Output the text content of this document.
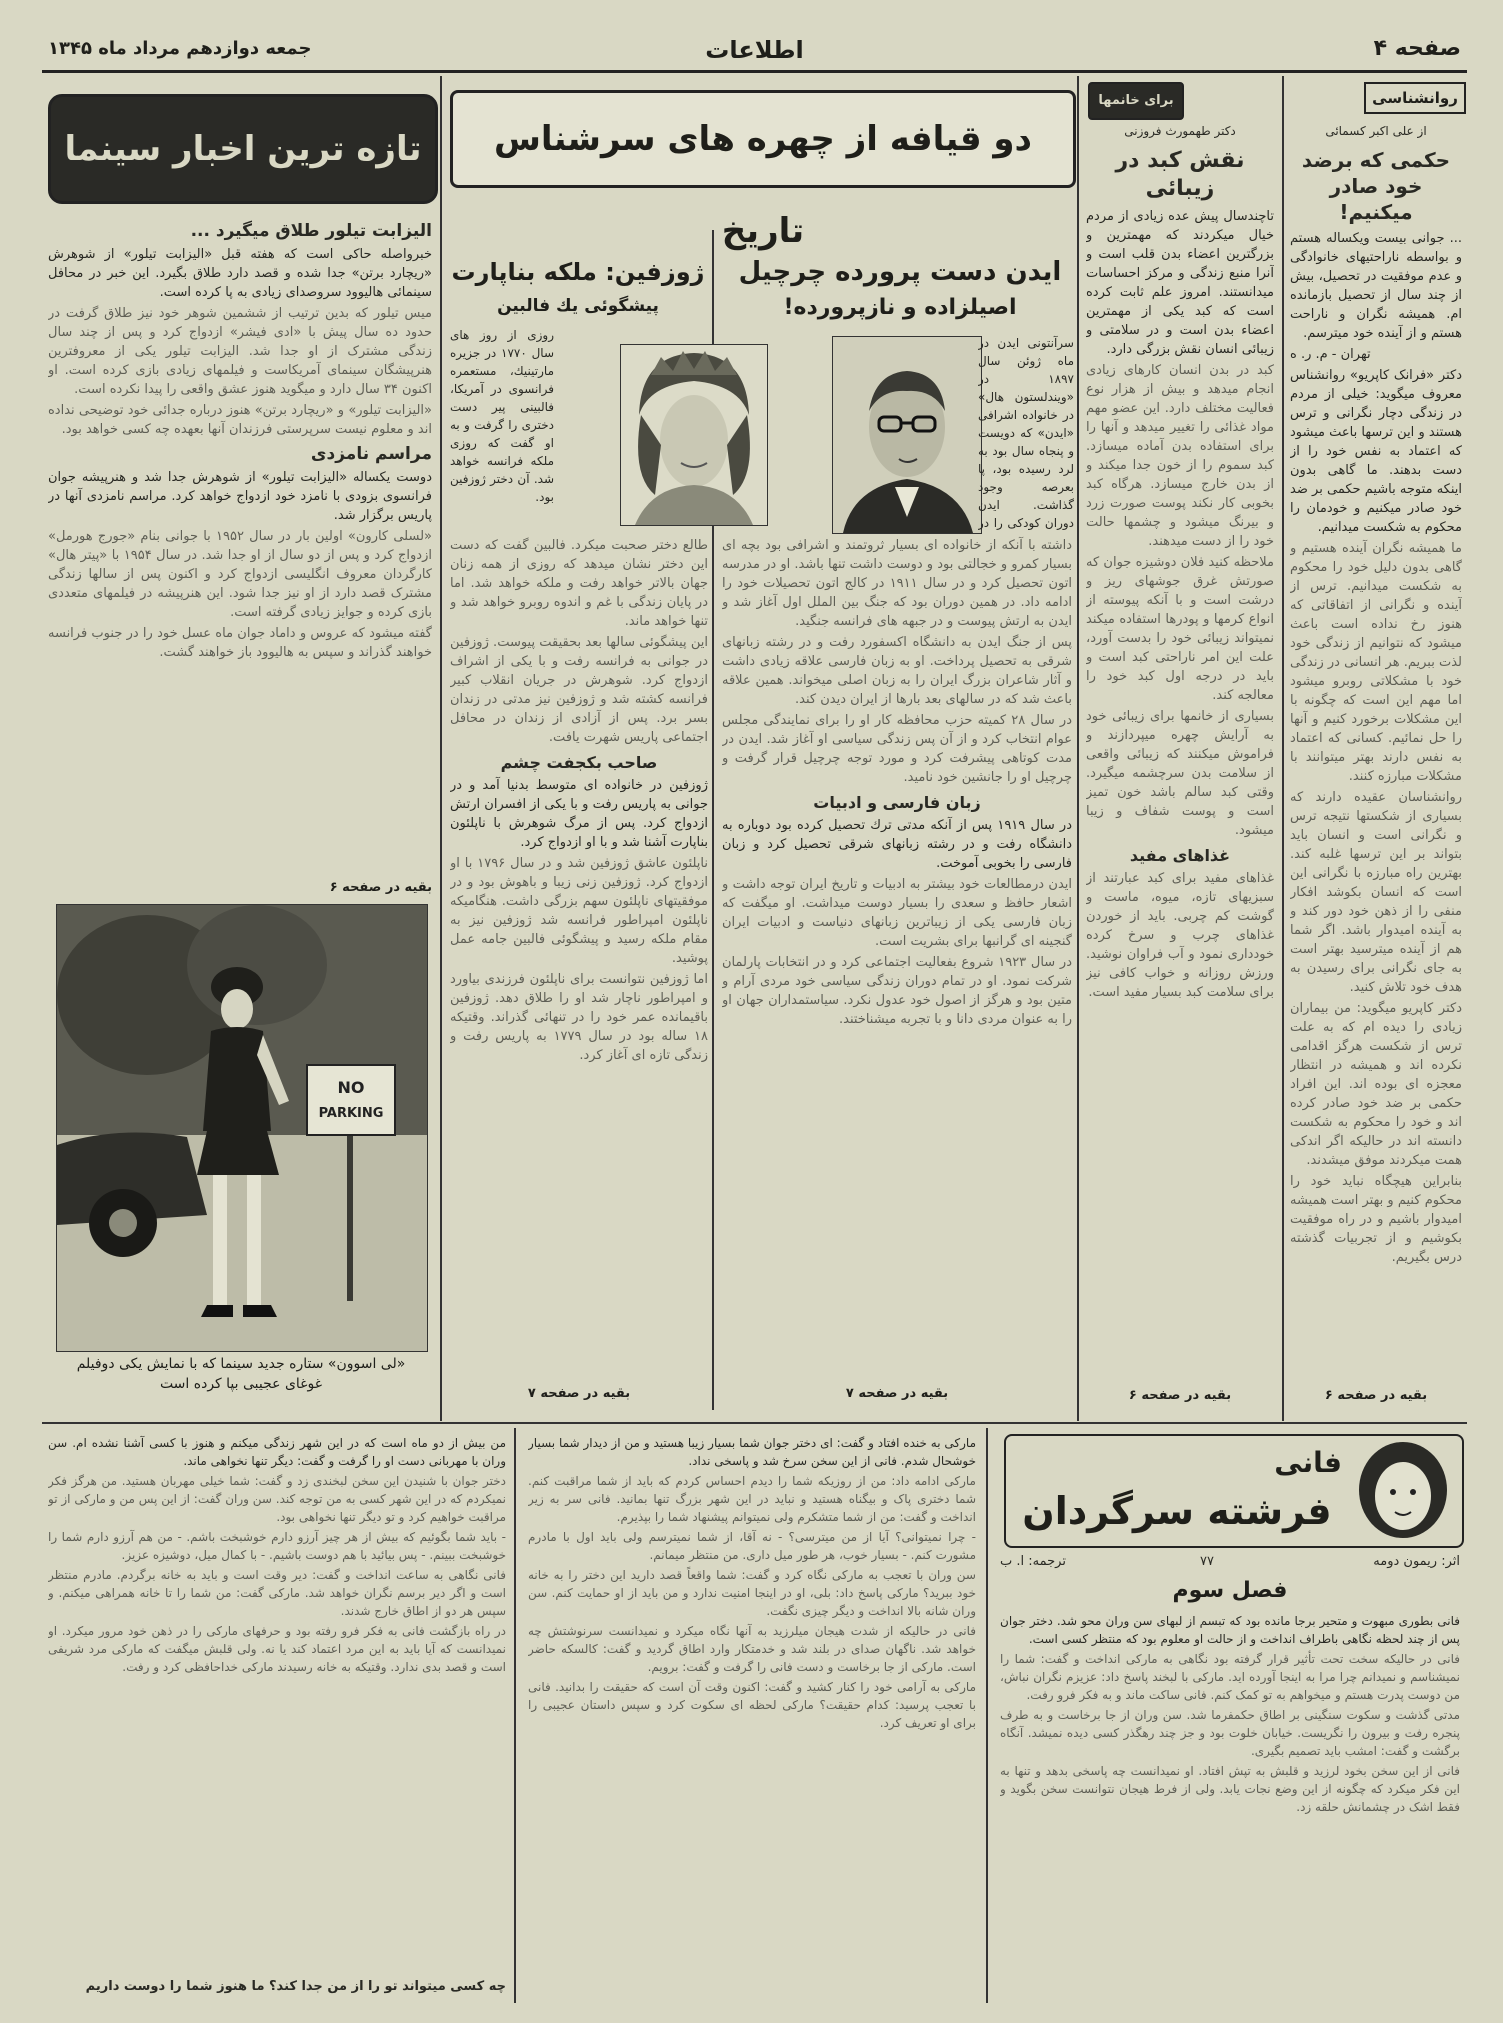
صفحه ۴
اطلاعات
جمعه دوازدهم مرداد ماه ۱۳۴۵
روانشناسی

از علی اکبر کسمائی

حکمی که برضد خود صادر میکنیم!

... جوانی بیست ویکساله هستم و بواسطه ناراحتیهای خانوادگی و عدم موفقیت در تحصیل، بیش از چند سال از تحصیل بازمانده ام. همیشه نگران و ناراحت هستم و از آینده خود میترسم.

تهران - م. ر. ه

دکتر «فرانک کاپریو» روانشناس معروف میگوید: خیلی از مردم در زندگی دچار نگرانی و ترس هستند و این ترسها باعث میشود که اعتماد به نفس خود را از دست بدهند. ما گاهی بدون اینکه متوجه باشیم حکمی بر ضد خود صادر میکنیم و خودمان را محکوم به شکست میدانیم.

ما همیشه نگران آینده هستیم و گاهی بدون دلیل خود را محکوم به شکست میدانیم. ترس از آینده و نگرانی از اتفاقاتی که هنوز رخ نداده است باعث میشود که نتوانیم از زندگی خود لذت ببریم. هر انسانی در زندگی خود با مشکلاتی روبرو میشود اما مهم این است که چگونه با این مشکلات برخورد کنیم و آنها را حل نمائیم. کسانی که اعتماد به نفس دارند بهتر میتوانند با مشکلات مبارزه کنند.

روانشناسان عقیده دارند که بسیاری از شکستها نتیجه ترس و نگرانی است و انسان باید بتواند بر این ترسها غلبه کند. بهترین راه مبارزه با نگرانی این است که انسان بکوشد افکار منفی را از ذهن خود دور کند و به آینده امیدوار باشد. اگر شما هم از آینده میترسید بهتر است به جای نگرانی برای رسیدن به هدف خود تلاش کنید.

دکتر کاپریو میگوید: من بیماران زیادی را دیده ام که به علت ترس از شکست هرگز اقدامی نکرده اند و همیشه در انتظار معجزه ای بوده اند. این افراد حکمی بر ضد خود صادر کرده اند و خود را محکوم به شکست دانسته اند در حالیکه اگر اندکی همت میکردند موفق میشدند.

بنابراین هیچگاه نباید خود را محکوم کنیم و بهتر است همیشه امیدوار باشیم و در راه موفقیت بکوشیم و از تجربیات گذشته درس بگیریم.

بقیه در صفحه ۶
برای خانمها

دکتر طهمورث فروزنی

نقش کبد در زیبائی

تاچندسال پیش عده زیادی از مردم خیال میکردند که مهمترین و بزرگترین اعضاء بدن قلب است و آنرا منبع زندگی و مرکز احساسات میدانستند. امروز علم ثابت کرده است که کبد یکی از مهمترین اعضاء بدن است و در سلامتی و زیبائی انسان نقش بزرگی دارد.

کبد در بدن انسان کارهای زیادی انجام میدهد و بیش از هزار نوع فعالیت مختلف دارد. این عضو مهم مواد غذائی را تغییر میدهد و آنها را برای استفاده بدن آماده میسازد. کبد سموم را از خون جدا میکند و از بدن خارج میسازد. هرگاه کبد بخوبی کار نکند پوست صورت زرد و بیرنگ میشود و چشمها حالت خود را از دست میدهند.

ملاحظه کنید فلان دوشیزه جوان که صورتش غرق جوشهای ریز و درشت است و با آنکه پیوسته از انواع کرمها و پودرها استفاده میکند نمیتواند زیبائی خود را بدست آورد، علت این امر ناراحتی کبد است و باید در درجه اول کبد خود را معالجه کند.

بسیاری از خانمها برای زیبائی خود به آرایش چهره میپردازند و فراموش میکنند که زیبائی واقعی از سلامت بدن سرچشمه میگیرد. وقتی کبد سالم باشد خون تمیز است و پوست شفاف و زیبا میشود.

غذاهای مفید

غذاهای مفید برای کبد عبارتند از سبزیهای تازه، میوه، ماست و گوشت کم چربی. باید از خوردن غذاهای چرب و سرخ کرده خودداری نمود و آب فراوان نوشید. ورزش روزانه و خواب کافی نیز برای سلامت کبد بسیار مفید است.

بقیه در صفحه ۶
دو قیافه از چهره های سرشناس تاریخ
ایدن دست پرورده چرچیل
اصیلزاده و نازپرورده!
ژوزفین: ملکه بناپارت
پیشگوئی یك فالبین
سرآنتونی ایدن در ماه ژوئن سال ۱۸۹۷ در «ویندلستون هال» در خانواده اشرافی «ایدن» که دویست و پنجاه سال بود به لرد رسیده بود، پا بعرصه وجود گذاشت. ایدن دوران کودکی را در

داشته با آنکه از خانواده ای بسیار ثروتمند و اشرافی بود بچه ای بسیار کمرو و خجالتی بود و دوست داشت تنها باشد. او در مدرسه اتون تحصیل کرد و در سال ۱۹۱۱ در کالج اتون تحصیلات خود را ادامه داد. در همین دوران بود که جنگ بین الملل اول آغاز شد و ایدن به ارتش پیوست و در جبهه های فرانسه جنگید.

پس از جنگ ایدن به دانشگاه اکسفورد رفت و در رشته زبانهای شرقی به تحصیل پرداخت. او به زبان فارسی علاقه زیادی داشت و آثار شاعران بزرگ ایران را به زبان اصلی میخواند. همین علاقه باعث شد که در سالهای بعد بارها از ایران دیدن کند.

در سال ۲۸ کمیته حزب محافظه کار او را برای نمایندگی مجلس عوام انتخاب کرد و از آن پس زندگی سیاسی او آغاز شد. ایدن در مدت کوتاهی پیشرفت کرد و مورد توجه چرچیل قرار گرفت و چرچیل او را جانشین خود نامید.

زبان فارسی و ادبیات

در سال ۱۹۱۹ پس از آنکه مدتی ترك تحصیل کرده بود دوباره به دانشگاه رفت و در رشته زبانهای شرقی تحصیل کرد و زبان فارسی را بخوبی آموخت.

ایدن درمطالعات خود بیشتر به ادبیات و تاریخ ایران توجه داشت و اشعار حافظ و سعدی را بسیار دوست میداشت. او میگفت که زبان فارسی یکی از زیباترین زبانهای دنیاست و ادبیات ایران گنجینه ای گرانبها برای بشریت است.

در سال ۱۹۲۳ شروع بفعالیت اجتماعی کرد و در انتخابات پارلمان شرکت نمود. او در تمام دوران زندگی سیاسی خود مردی آرام و متین بود و هرگز از اصول خود عدول نکرد. سیاستمداران جهان او را به عنوان مردی دانا و با تجربه میشناختند.

بقیه در صفحه ۷
روزی از روز های سال ۱۷۷۰ در جزیره مارتینیك، مستعمره فرانسوی در آمریکا، فالبینی پیر دست دختری را گرفت و به او گفت که روزی ملکه فرانسه خواهد شد. آن دختر ژوزفین بود.

طالع دختر صحبت میکرد. فالبین گفت که دست این دختر نشان میدهد که روزی از همه زنان جهان بالاتر خواهد رفت و ملکه خواهد شد. اما در پایان زندگی با غم و اندوه روبرو خواهد شد و تنها خواهد ماند.

این پیشگوئی سالها بعد بحقیقت پیوست. ژوزفین در جوانی به فرانسه رفت و با یکی از اشراف ازدواج کرد. شوهرش در جریان انقلاب کبیر فرانسه کشته شد و ژوزفین نیز مدتی در زندان بسر برد. پس از آزادی از زندان در محافل اجتماعی پاریس شهرت یافت.

صاحب بکجفت چشم

ژوزفین در خانواده ای متوسط بدنیا آمد و در جوانی به پاریس رفت و با یکی از افسران ارتش ازدواج کرد. پس از مرگ شوهرش با ناپلئون بناپارت آشنا شد و با او ازدواج کرد.

ناپلئون عاشق ژوزفین شد و در سال ۱۷۹۶ با او ازدواج کرد. ژوزفین زنی زیبا و باهوش بود و در موفقیتهای ناپلئون سهم بزرگی داشت. هنگامیکه ناپلئون امپراطور فرانسه شد ژوزفین نیز به مقام ملکه رسید و پیشگوئی فالبین جامه عمل پوشید.

اما ژوزفین نتوانست برای ناپلئون فرزندی بیاورد و امپراطور ناچار شد او را طلاق دهد. ژوزفین باقیمانده عمر خود را در تنهائی گذراند. وقتیکه ۱۸ ساله بود در سال ۱۷۷۹ به پاریس رفت و زندگی تازه ای آغاز کرد.

بقیه در صفحه ۷
تازه ترین اخبار سینما
الیزابت تیلور طلاق میگیرد ...

خبرواصله حاکی است که هفته قبل «الیزابت تیلور» از شوهرش «ریچارد برتن» جدا شده و قصد دارد طلاق بگیرد. این خبر در محافل سینمائی هالیوود سروصدای زیادی به پا کرده است.

میس تیلور که بدین ترتیب از ششمین شوهر خود نیز طلاق گرفت در حدود ده سال پیش با «ادی فیشر» ازدواج کرد و پس از چند سال زندگی مشترک از او جدا شد. الیزابت تیلور یکی از معروفترین هنرپیشگان سینمای آمریکاست و فیلمهای زیادی بازی کرده است. او اکنون ۳۴ سال دارد و میگوید هنوز عشق واقعی را پیدا نکرده است.

«الیزابت تیلور» و «ریچارد برتن» هنوز درباره جدائی خود توضیحی نداده اند و معلوم نیست سرپرستی فرزندان آنها بعهده چه کسی خواهد بود.

مراسم نامزدی

دوست یکساله «الیزابت تیلور» از شوهرش جدا شد و هنرپیشه جوان فرانسوی بزودی با نامزد خود ازدواج خواهد کرد. مراسم نامزدی آنها در پاریس برگزار شد.

«لسلی کارون» اولین بار در سال ۱۹۵۲ با جوانی بنام «جورج هورمل» ازدواج کرد و پس از دو سال از او جدا شد. در سال ۱۹۵۴ با «پیتر هال» کارگردان معروف انگلیسی ازدواج کرد و اکنون پس از سالها زندگی مشترک قصد دارد از او نیز جدا شود. این هنرپیشه در فیلمهای متعددی بازی کرده و جوایز زیادی گرفته است.

گفته میشود که عروس و داماد جوان ماه عسل خود را در جنوب فرانسه خواهند گذراند و سپس به هالیوود باز خواهند گشت.

بقیه در صفحه ۶
NO
PARKING
«لی اسوون» ستاره جدید سینما که با نمایش یکی دوفیلم غوغای عجیبی بپا کرده است
فانی
فرشته سرگردان
اثر: ریمون دومه
۷۷
ترجمه: ا. ب
فصل سوم

فانی بطوری مبهوت و متحیر برجا مانده بود که تبسم از لبهای سن وران محو شد. دختر جوان پس از چند لحظه نگاهی باطراف انداخت و از حالت او معلوم بود که منتظر کسی است.

فانی در حالیکه سخت تحت تأثیر قرار گرفته بود نگاهی به مارکی انداخت و گفت: شما را نمیشناسم و نمیدانم چرا مرا به اینجا آورده اید. مارکی با لبخند پاسخ داد: عزیزم نگران نباش، من دوست پدرت هستم و میخواهم به تو کمک کنم. فانی ساکت ماند و به فکر فرو رفت.

مدتی گذشت و سکوت سنگینی بر اطاق حکمفرما شد. سن وران از جا برخاست و به طرف پنجره رفت و بیرون را نگریست. خیابان خلوت بود و جز چند رهگذر کسی دیده نمیشد. آنگاه برگشت و گفت: امشب باید تصمیم بگیری.

فانی از این سخن بخود لرزید و قلبش به تپش افتاد. او نمیدانست چه پاسخی بدهد و تنها به این فکر میکرد که چگونه از این وضع نجات یابد. ولی از فرط هیجان نتوانست سخن بگوید و فقط اشک در چشمانش حلقه زد.

مارکی به خنده افتاد و گفت: ای دختر جوان شما بسیار زیبا هستید و من از دیدار شما بسیار خوشحال شدم. فانی از این سخن سرخ شد و پاسخی نداد.

مارکی ادامه داد: من از روزیکه شما را دیدم احساس کردم که باید از شما مراقبت کنم. شما دختری پاک و بیگناه هستید و نباید در این شهر بزرگ تنها بمانید. فانی سر به زیر انداخت و گفت: من از شما متشکرم ولی نمیتوانم پیشنهاد شما را بپذیرم.

- چرا نمیتوانی؟ آیا از من میترسی؟ - نه آقا، از شما نمیترسم ولی باید اول با مادرم مشورت کنم. - بسیار خوب، هر طور میل داری. من منتظر میمانم.

سن وران با تعجب به مارکی نگاه کرد و گفت: شما واقعاً قصد دارید این دختر را به خانه خود ببرید؟ مارکی پاسخ داد: بلی، او در اینجا امنیت ندارد و من باید از او حمایت کنم. سن وران شانه بالا انداخت و دیگر چیزی نگفت.

فانی در حالیکه از شدت هیجان میلرزید به آنها نگاه میکرد و نمیدانست سرنوشتش چه خواهد شد. ناگهان صدای در بلند شد و خدمتکار وارد اطاق گردید و گفت: کالسکه حاضر است. مارکی از جا برخاست و دست فانی را گرفت و گفت: برویم.

مارکی به آرامی خود را کنار کشید و گفت: اکنون وقت آن است که حقیقت را بدانید. فانی با تعجب پرسید: کدام حقیقت؟ مارکی لحظه ای سکوت کرد و سپس داستان عجیبی را برای او تعریف کرد.

من بیش از دو ماه است که در این شهر زندگی میکنم و هنوز با کسی آشنا نشده ام. سن وران با مهربانی دست او را گرفت و گفت: دیگر تنها نخواهی ماند.

دختر جوان با شنیدن این سخن لبخندی زد و گفت: شما خیلی مهربان هستید. من هرگز فکر نمیکردم که در این شهر کسی به من توجه کند. سن وران گفت: از این پس من و مارکی از تو مراقبت خواهیم کرد و تو دیگر تنها نخواهی بود.

- باید شما بگوئیم که بیش از هر چیز آرزو دارم خوشبخت باشم. - من هم آرزو دارم شما را خوشبخت ببینم. - پس بیائید با هم دوست باشیم. - با کمال میل، دوشیزه عزیز.

فانی نگاهی به ساعت انداخت و گفت: دیر وقت است و باید به خانه برگردم. مادرم منتظر است و اگر دیر برسم نگران خواهد شد. مارکی گفت: من شما را تا خانه همراهی میکنم. و سپس هر دو از اطاق خارج شدند.

در راه بازگشت فانی به فکر فرو رفته بود و حرفهای مارکی را در ذهن خود مرور میکرد. او نمیدانست که آیا باید به این مرد اعتماد کند یا نه. ولی قلبش میگفت که مارکی مرد شریفی است و قصد بدی ندارد. وقتیکه به خانه رسیدند مارکی خداحافظی کرد و رفت.

چه کسی میتواند تو را از من جدا کند؟ ما هنوز شما را دوست داریم
